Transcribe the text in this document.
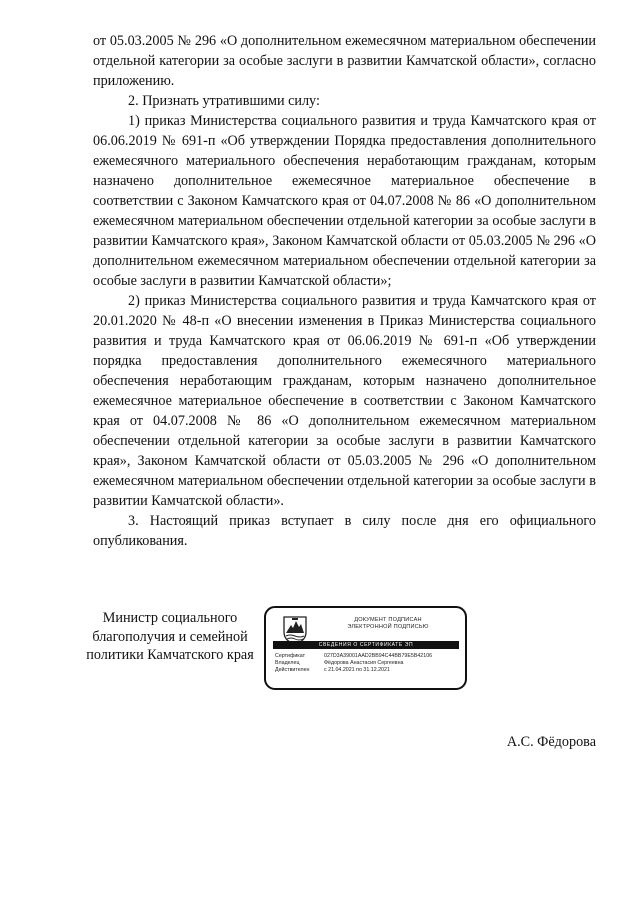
от 05.03.2005 № 296 «О дополнительном ежемесячном материальном обеспечении отдельной категории за особые заслуги в развитии Камчатской области», согласно приложению.

2. Признать утратившими силу:

1) приказ Министерства социального развития и труда Камчатского края от 06.06.2019 № 691-п «Об утверждении Порядка предоставления дополнительного ежемесячного материального обеспечения неработающим гражданам, которым назначено дополнительное ежемесячное материальное обеспечение в соответствии с Законом Камчатского края от 04.07.2008 № 86 «О дополнительном ежемесячном материальном обеспечении отдельной категории за особые заслуги в развитии Камчатского края», Законом Камчатской области от 05.03.2005 № 296 «О дополнительном ежемесячном материальном обеспечении отдельной категории за особые заслуги в развитии Камчатской области»;

2) приказ Министерства социального развития и труда Камчатского края от 20.01.2020 № 48-п «О внесении изменения в Приказ Министерства социального развития и труда Камчатского края от 06.06.2019 № 691-п «Об утверждении порядка предоставления дополнительного ежемесячного материального обеспечения неработающим гражданам, которым назначено дополнительное ежемесячное материальное обеспечение в соответствии с Законом Камчатского края от 04.07.2008 № 86 «О дополнительном ежемесячном материальном обеспечении отдельной категории за особые заслуги в развитии Камчатского края», Законом Камчатской области от 05.03.2005 № 296 «О дополнительном ежемесячном материальном обеспечении отдельной категории за особые заслуги в развитии Камчатской области».

3. Настоящий приказ вступает в силу после дня его официального опубликования.

Министр социального
благополучия и семейной
политики Камчатского края
ДОКУМЕНТ ПОДПИСАН
ЭЛЕКТРОННОЙ ПОДПИСЬЮ
СВЕДЕНИЯ О СЕРТИФИКАТЕ ЭП
Сертификат	027D3A39001AAD2BB94C44BB79E5B42106
Владелец	Фёдорова Анастасия Сергеевна
Действителен	с 21.04.2021 по 31.12.2021
А.С. Фёдорова
